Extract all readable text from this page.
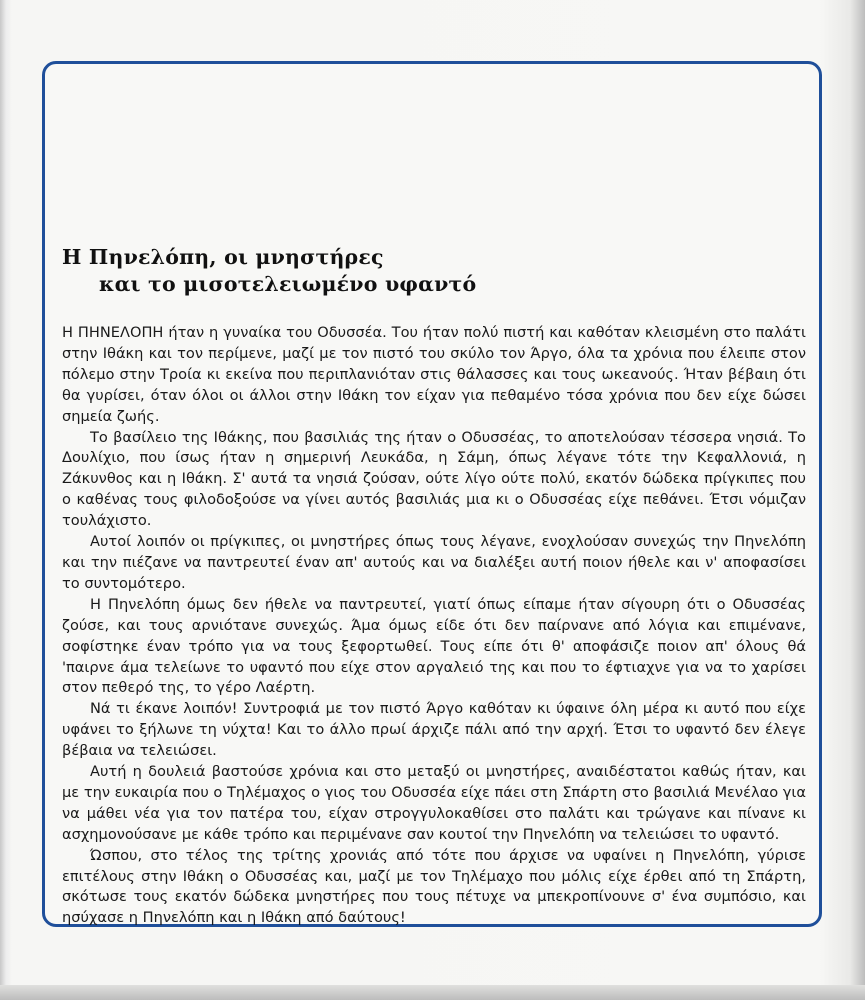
Η Πηνελόπη, οι μνηστήρες
και το μισοτελειωμένο υφαντό

Η ΠΗΝΕΛΟΠΗ ήταν η γυναίκα του Οδυσσέα. Του ήταν πολύ πιστή και καθόταν κλεισμένη στο παλάτι στην Ιθάκη και τον περίμενε, μαζί με τον πιστό του σκύλο τον Άργο, όλα τα χρόνια που έλειπε στον πόλεμο στην Τροία κι εκείνα που περιπλανιόταν στις θάλασσες και τους ωκεανούς. Ήταν βέβαιη ότι θα γυρίσει, όταν όλοι οι άλλοι στην Ιθάκη τον είχαν για πεθαμένο τόσα χρόνια που δεν είχε δώσει σημεία ζωής.

Το βασίλειο της Ιθάκης, που βασιλιάς της ήταν ο Οδυσσέας, το αποτελούσαν τέσσερα νησιά. Το Δουλίχιο, που ίσως ήταν η σημερινή Λευκάδα, η Σάμη, όπως λέγανε τότε την Κεφαλλονιά, η Ζάκυνθος και η Ιθάκη. Σ' αυτά τα νησιά ζούσαν, ούτε λίγο ούτε πολύ, εκατόν δώδεκα πρίγκιπες που ο καθένας τους φιλοδοξούσε να γίνει αυτός βασιλιάς μια κι ο Οδυσσέας είχε πεθάνει. Έτσι νόμιζαν τουλάχιστο.

Αυτοί λοιπόν οι πρίγκιπες, οι μνηστήρες όπως τους λέγανε, ενοχλούσαν συνεχώς την Πηνελόπη και την πιέζανε να παντρευτεί έναν απ' αυτούς και να διαλέξει αυτή ποιον ήθελε και ν' αποφασίσει το συντομότερο.

Η Πηνελόπη όμως δεν ήθελε να παντρευτεί, γιατί όπως είπαμε ήταν σίγουρη ότι ο Οδυσσέας ζούσε, και τους αρνιότανε συνεχώς. Άμα όμως είδε ότι δεν παίρνανε από λόγια και επιμένανε, σοφίστηκε έναν τρόπο για να τους ξεφορτωθεί. Τους είπε ότι θ' αποφάσιζε ποιον απ' όλους θά 'παιρνε άμα τελείωνε το υφαντό που είχε στον αργαλειό της και που το έφτιαχνε για να το χαρίσει στον πεθερό της, το γέρο Λαέρτη.

Νά τι έκανε λοιπόν! Συντροφιά με τον πιστό Άργο καθόταν κι ύφαινε όλη μέρα κι αυτό που είχε υφάνει τo ξήλωνε τη νύχτα! Και το άλλο πρωί άρχιζε πάλι από την αρχή. Έτσι το υφαντό δεν έλεγε βέβαια να τελειώσει.

Αυτή η δουλειά βαστούσε χρόνια και στο μεταξύ οι μνηστήρες, αναιδέστατοι καθώς ήταν, και με την ευκαιρία που ο Τηλέμαχος ο γιος του Οδυσσέα είχε πάει στη Σπάρτη στο βασιλιά Μενέλαο για να μάθει νέα για τον πατέρα του, είχαν στρογγυλοκαθίσει στο παλάτι και τρώγανε και πίνανε κι ασχημονούσανε με κάθε τρόπο και περιμένανε σαν κουτοί την Πηνελόπη να τελειώσει το υφαντό.

Ώσπου, στο τέλος της τρίτης χρονιάς από τότε που άρχισε να υφαίνει η Πηνελόπη, γύρισε επιτέλους στην Ιθάκη ο Οδυσσέας και, μαζί με τον Τηλέμαχο που μόλις είχε έρθει από τη Σπάρτη, σκότωσε τους εκατόν δώδεκα μνηστήρες που τους πέτυχε να μπεκροπίνουνε σ' ένα συμπόσιο, και ησύχασε η Πηνελόπη και η Ιθάκη από δαύτους!
